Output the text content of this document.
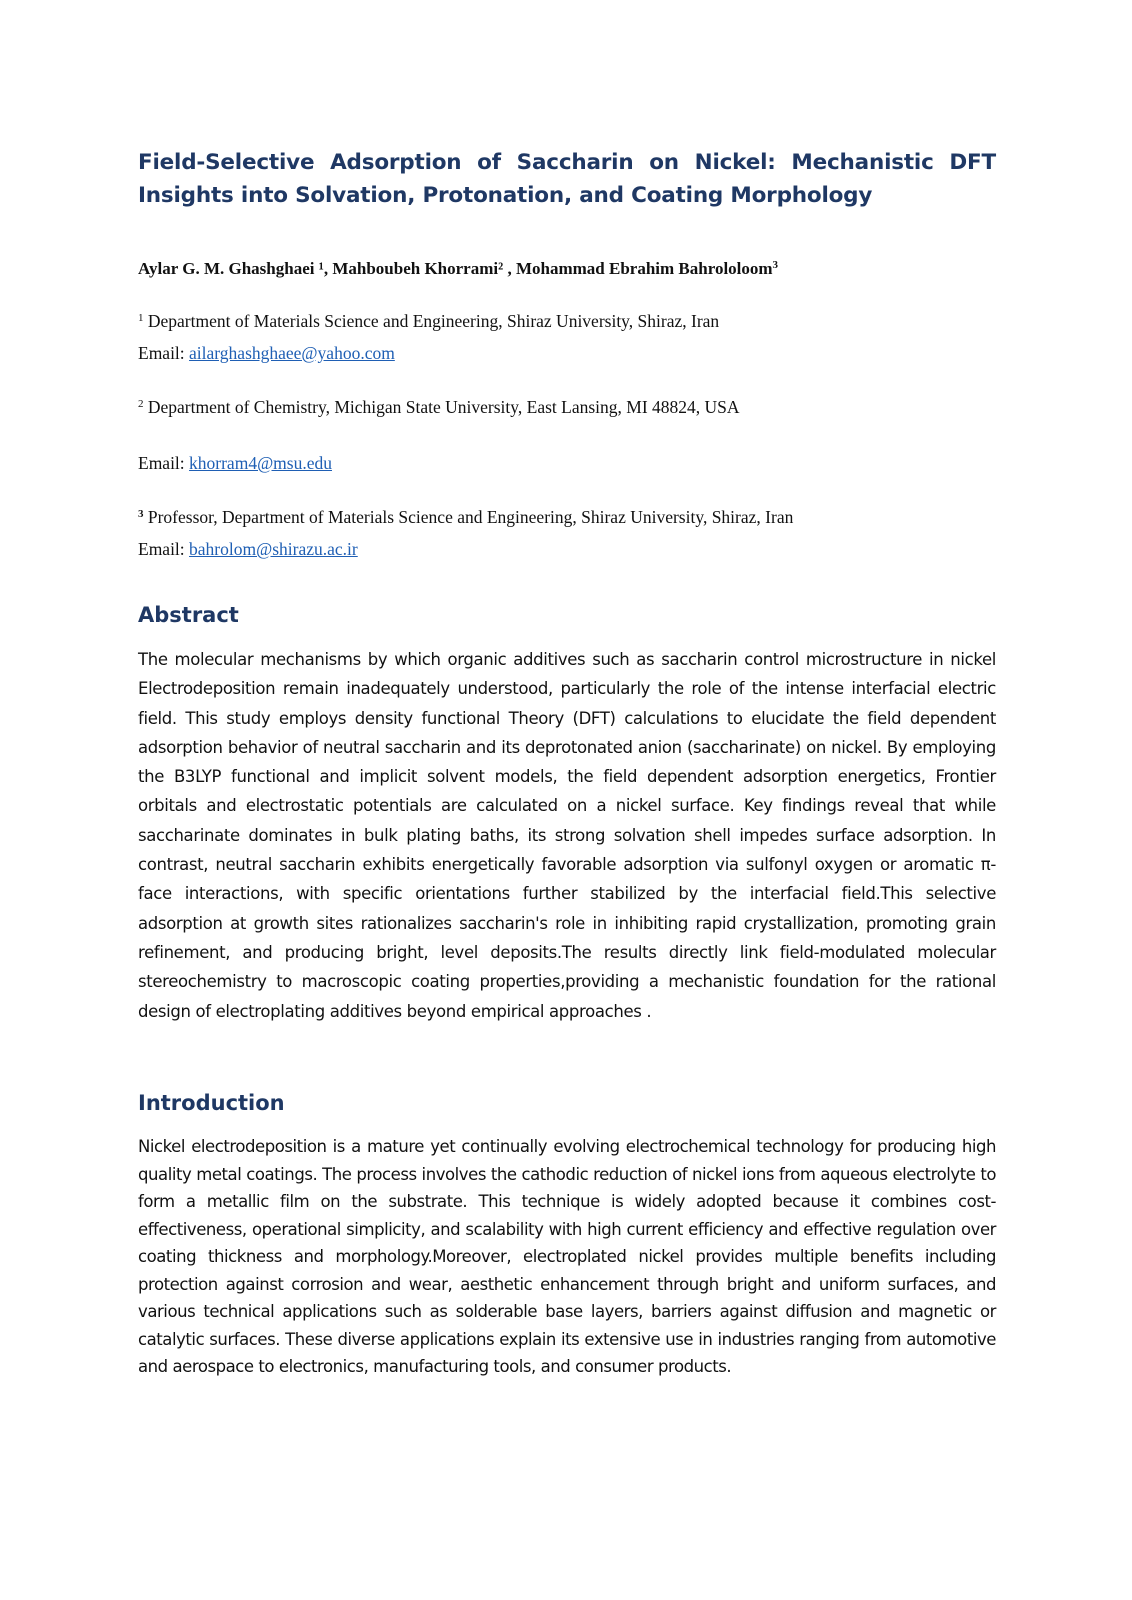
Field-Selective Adsorption of Saccharin on Nickel: Mechanistic DFT Insights into Solvation, Protonation, and Coating Morphology
Aylar G. M. Ghashghaei ¹, Mahboubeh Khorrami² , Mohammad Ebrahim Bahrololoom$^3$
$^1$ Department of Materials Science and Engineering, Shiraz University, Shiraz, Iran
Email: ailarghashghaee@yahoo.com
$^2$ Department of Chemistry, Michigan State University, East Lansing, MI 48824, USA
Email: khorram4@msu.edu
$^3$ Professor, Department of Materials Science and Engineering, Shiraz University, Shiraz, Iran
Email: bahrolom@shirazu.ac.ir
Abstract

The molecular mechanisms by which organic additives such as saccharin control microstructure in nickel Electrodeposition remain inadequately understood, particularly the role of the intense interfacial electric field. This study employs density functional Theory (DFT) calculations to elucidate the field dependent adsorption behavior of neutral saccharin and its deprotonated anion (saccharinate) on nickel. By employing the B3LYP functional and implicit solvent models, the field dependent adsorption energetics, Frontier orbitals and electrostatic potentials are calculated on a nickel surface. Key findings reveal that while saccharinate dominates in bulk plating baths, its strong solvation shell impedes surface adsorption. In contrast, neutral saccharin exhibits energetically favorable adsorption via sulfonyl oxygen or aromatic π-face interactions, with specific orientations further stabilized by the interfacial field.This selective adsorption at growth sites rationalizes saccharin's role in inhibiting rapid crystallization, promoting grain refinement, and producing bright, level deposits.The results directly link field-modulated molecular stereochemistry to macroscopic coating properties,providing a mechanistic foundation for the rational design of electroplating additives beyond empirical approaches .

Introduction

Nickel electrodeposition is a mature yet continually evolving electrochemical technology for producing high quality metal coatings. The process involves the cathodic reduction of nickel ions from aqueous electrolyte to form a metallic film on the substrate. This technique is widely adopted because it combines cost-effectiveness, operational simplicity, and scalability with high current efficiency and effective regulation over coating thickness and morphology.Moreover, electroplated nickel provides multiple benefits including protection against corrosion and wear, aesthetic enhancement through bright and uniform surfaces, and various technical applications such as solderable base layers, barriers against diffusion and magnetic or catalytic surfaces. These diverse applications explain its extensive use in industries ranging from automotive and aerospace to electronics, manufacturing tools, and consumer products.
